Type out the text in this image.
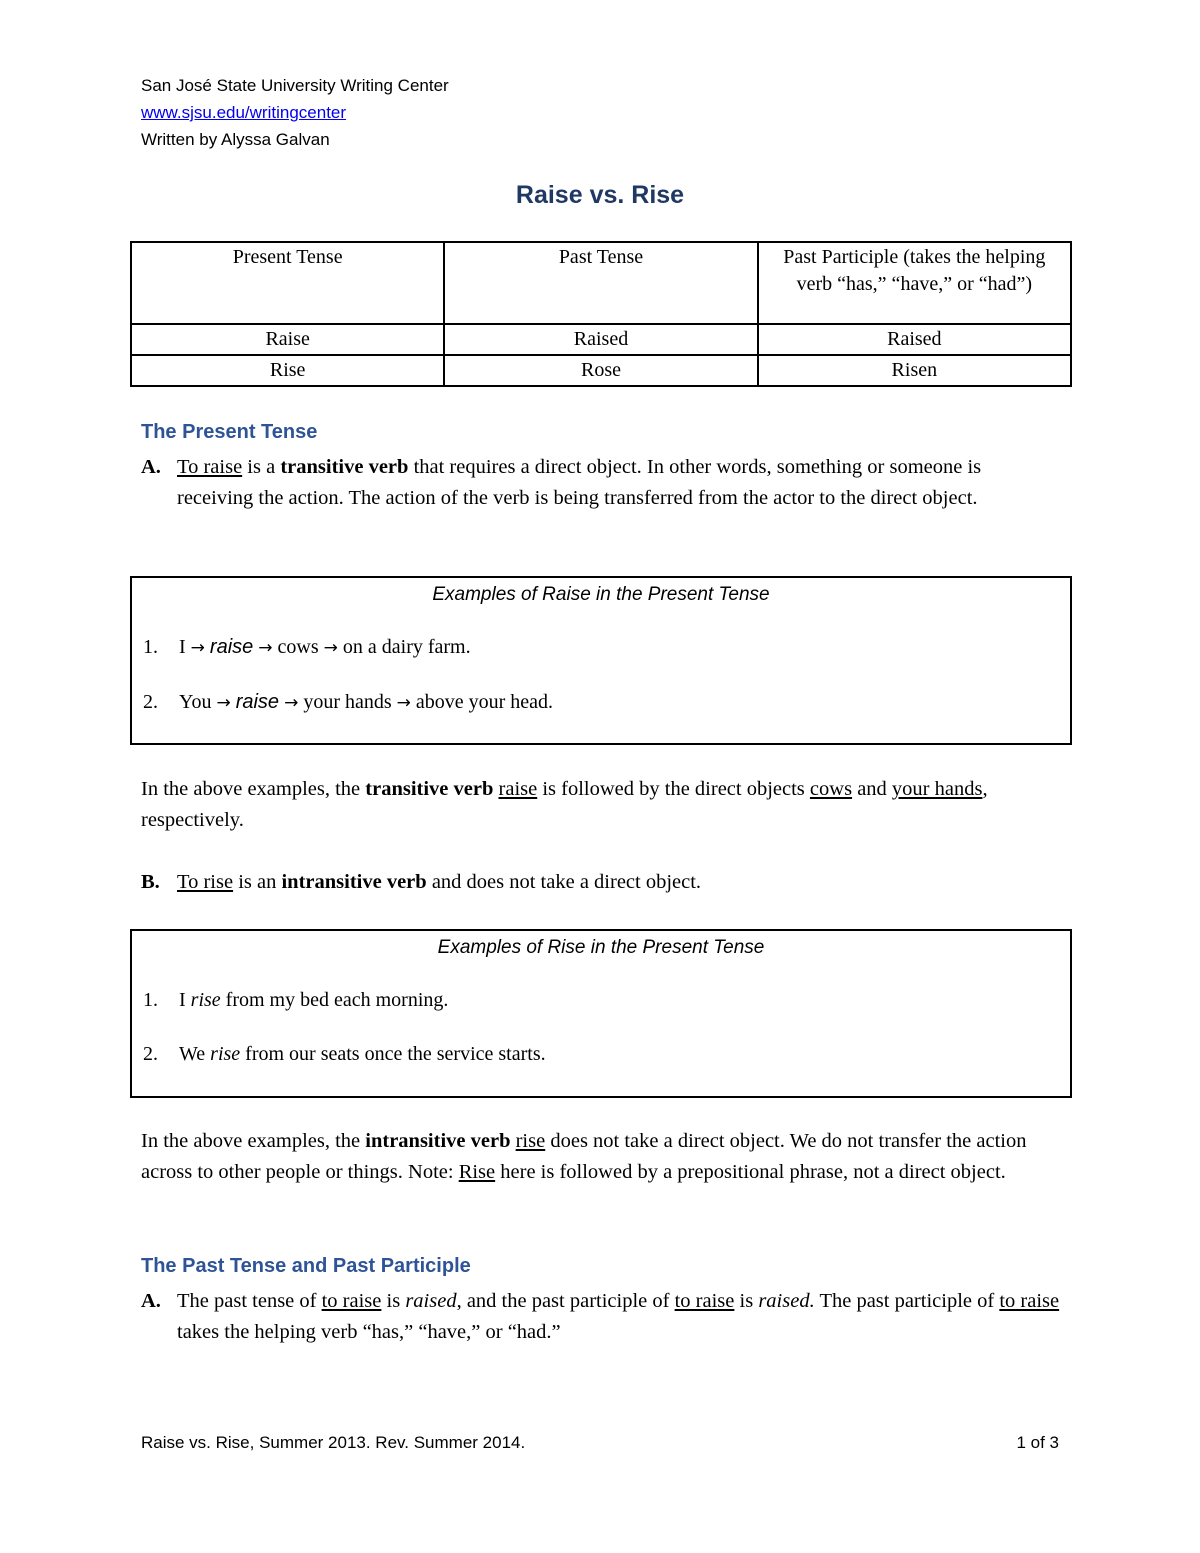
San José State University Writing Center
www.sjsu.edu/writingcenter
Written by Alyssa Galvan
Raise vs. Rise
Present Tense	Past Tense	Past Participle (takes the helping verb “has,” “have,” or “had”)
Raise	Raised	Raised
Rise	Rose	Risen
The Present Tense
A. To raise is a transitive verb that requires a direct object. In other words, something or someone is receiving the action. The action of the verb is being transferred from the actor to the direct object.
Examples of Raise in the Present Tense
1. I → raise → cows → on a dairy farm.
2. You → raise → your hands → above your head.
In the above examples, the transitive verb raise is followed by the direct objects cows and your hands, respectively.
B. To rise is an intransitive verb and does not take a direct object.
Examples of Rise in the Present Tense
1. I rise from my bed each morning.
2. We rise from our seats once the service starts.
In the above examples, the intransitive verb rise does not take a direct object. We do not transfer the action across to other people or things. Note: Rise here is followed by a prepositional phrase, not a direct object.
The Past Tense and Past Participle
A. The past tense of to raise is raised, and the past participle of to raise is raised. The past participle of to raise takes the helping verb “has,” “have,” or “had.”
Raise vs. Rise, Summer 2013. Rev. Summer 2014.	1 of 3
